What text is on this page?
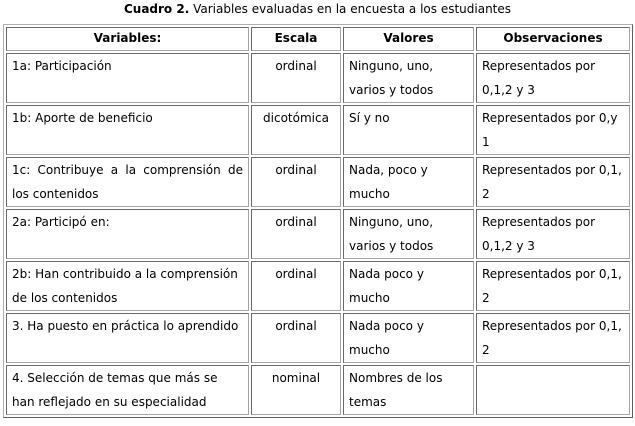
Cuadro 2. Variables evaluadas en la encuesta a los estudiantes
Variables:	Escala	Valores	Observaciones
1a: Participación	ordinal	Ninguno, uno, varios y todos	Representados por 0,1,2 y 3
1b: Aporte de beneficio	dicotómica	Sí y no	Representados por 0,y 1
1c: Contribuye a la comprensión de los contenidos	ordinal	Nada, poco y mucho	Representados por 0,1, 2
2a: Participó en:	ordinal	Ninguno, uno, varios y todos	Representados por 0,1,2 y 3
2b: Han contribuido a la comprensión de los contenidos	ordinal	Nada poco y mucho	Representados por 0,1, 2
3. Ha puesto en práctica lo aprendido	ordinal	Nada poco y mucho	Representados por 0,1, 2
4. Selección de temas que más se han reflejado en su especialidad	nominal	Nombres de los temas	
